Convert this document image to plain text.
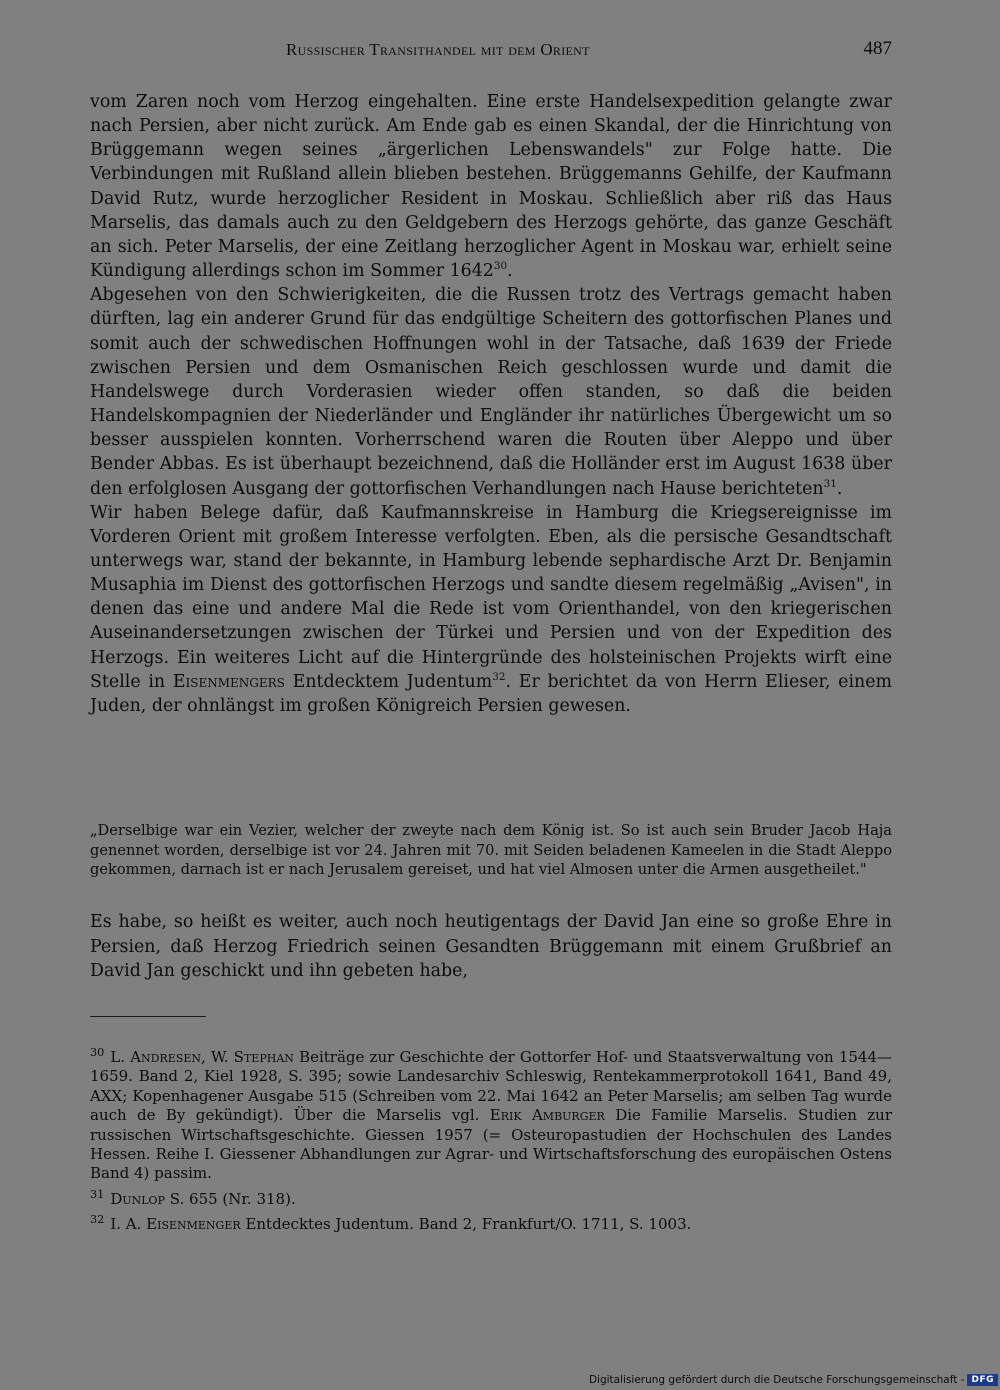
Russischer Transithandel mit dem Orient	487

vom Zaren noch vom Herzog eingehalten. Eine erste Handelsexpedition gelangte zwar nach Persien, aber nicht zurück. Am Ende gab es einen Skandal, der die Hinrichtung von Brüggemann wegen seines „ärgerlichen Lebenswandels" zur Folge hatte. Die Verbindungen mit Rußland allein blieben bestehen. Brüggemanns Gehilfe, der Kaufmann David Rutz, wurde herzoglicher Resident in Moskau. Schließlich aber riß das Haus Marselis, das damals auch zu den Geldgebern des Herzogs gehörte, das ganze Geschäft an sich. Peter Marselis, der eine Zeitlang herzoglicher Agent in Moskau war, erhielt seine Kündigung allerdings schon im Sommer 1642$^{30}$.

Abgesehen von den Schwierigkeiten, die die Russen trotz des Vertrags gemacht haben dürften, lag ein anderer Grund für das endgültige Scheitern des gottorfischen Planes und somit auch der schwedischen Hoffnungen wohl in der Tatsache, daß 1639 der Friede zwischen Persien und dem Osmanischen Reich geschlossen wurde und damit die Handelswege durch Vorderasien wieder offen standen, so daß die beiden Handelskompagnien der Niederländer und Engländer ihr natürliches Übergewicht um so besser ausspielen konnten. Vorherrschend waren die Routen über Aleppo und über Bender Abbas. Es ist überhaupt bezeichnend, daß die Holländer erst im August 1638 über den erfolglosen Ausgang der gottorfischen Verhandlungen nach Hause berichteten$^{31}$.

Wir haben Belege dafür, daß Kaufmannskreise in Hamburg die Kriegsereignisse im Vorderen Orient mit großem Interesse verfolgten. Eben, als die persische Gesandtschaft unterwegs war, stand der bekannte, in Hamburg lebende sephardische Arzt Dr. Benjamin Musaphia im Dienst des gottorfischen Herzogs und sandte diesem regelmäßig „Avisen", in denen das eine und andere Mal die Rede ist vom Orienthandel, von den kriegerischen Auseinandersetzungen zwischen der Türkei und Persien und von der Expedition des Herzogs. Ein weiteres Licht auf die Hintergründe des holsteinischen Projekts wirft eine Stelle in Eisenmengers Entdecktem Judentum$^{32}$. Er berichtet da von Herrn Elieser, einem Juden, der ohnlängst im großen Königreich Persien gewesen.

„Derselbige war ein Vezier, welcher der zweyte nach dem König ist. So ist auch sein Bruder Jacob Haja genennet worden, derselbige ist vor 24. Jahren mit 70. mit Seiden beladenen Kameelen in die Stadt Aleppo gekommen, darnach ist er nach Jerusalem gereiset, und hat viel Almosen unter die Armen ausgetheilet."

Es habe, so heißt es weiter, auch noch heutigentags der David Jan eine so große Ehre in Persien, daß Herzog Friedrich seinen Gesandten Brüggemann mit einem Grußbrief an David Jan geschickt und ihn gebeten habe,

$^{30}$ L. Andresen, W. Stephan Beiträge zur Geschichte der Gottorfer Hof- und Staatsverwaltung von 1544—1659. Band 2, Kiel 1928, S. 395; sowie Landesarchiv Schleswig, Rentekammerprotokoll 1641, Band 49, AXX; Kopenhagener Ausgabe 515 (Schreiben vom 22. Mai 1642 an Peter Marselis; am selben Tag wurde auch de By gekündigt). Über die Marselis vgl. Erik Amburger Die Familie Marselis. Studien zur russischen Wirtschaftsgeschichte. Giessen 1957 (= Osteuropastudien der Hochschulen des Landes Hessen. Reihe I. Giessener Abhandlungen zur Agrar- und Wirtschaftsforschung des europäischen Ostens Band 4) passim.

$^{31}$ Dunlop S. 655 (Nr. 318).

$^{32}$ I. A. Eisenmenger Entdecktes Judentum. Band 2, Frankfurt/O. 1711, S. 1003.

Digitalisierung gefördert durch die Deutsche Forschungsgemeinschaft - DFG
